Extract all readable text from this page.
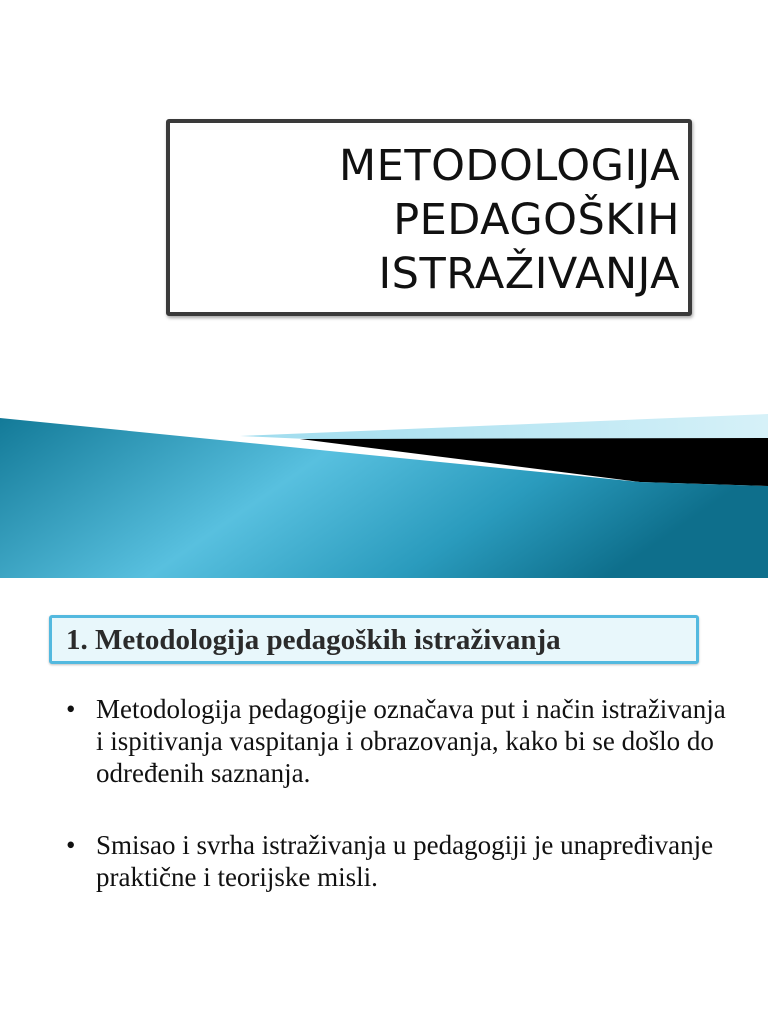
METODOLOGIJA
PEDAGOŠKIH
ISTRAŽIVANJA
1. Metodologija pedagoških istraživanja
• Metodologija pedagogije označava put i način istraživanja i ispitivanja vaspitanja i obrazovanja, kako bi se došlo do određenih saznanja.
• Smisao i svrha istraživanja u pedagogiji je unapređivanje praktične i teorijske misli.
